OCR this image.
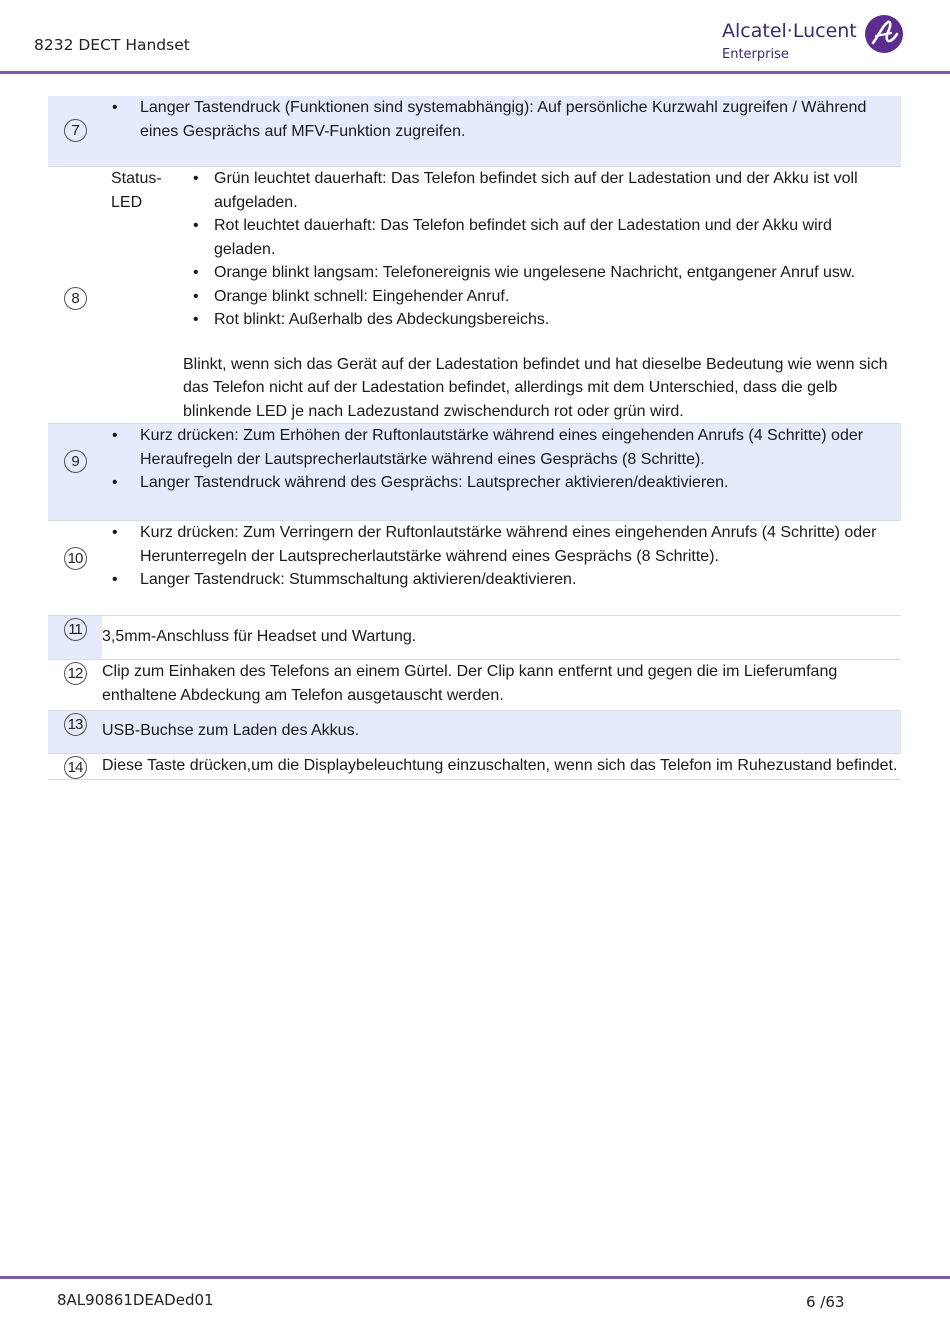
8232 DECT Handset
Alcatel·Lucent
Enterprise
7	
• Langer Tastendruck (Funktionen sind systemabhängig): Auf persönliche Kurzwahl zugreifen / Während eines Gesprächs auf MFV-Funktion zugreifen.

8	
Status-LED

• Grün leuchtet dauerhaft: Das Telefon befindet sich auf der Ladestation und der Akku ist voll aufgeladen.
• Rot leuchtet dauerhaft: Das Telefon befindet sich auf der Ladestation und der Akku wird geladen.
• Orange blinkt langsam: Telefonereignis wie ungelesene Nachricht, entgangener Anruf usw.
• Orange blinkt schnell: Eingehender Anruf.
• Rot blinkt: Außerhalb des Abdeckungsbereichs.

Blinkt, wenn sich das Gerät auf der Ladestation befindet und hat dieselbe Bedeutung wie wenn sich das Telefon nicht auf der Ladestation befindet, allerdings mit dem Unterschied, dass die gelb blinkende LED je nach Ladezustand zwischendurch rot oder grün wird.

9	
• Kurz drücken: Zum Erhöhen der Ruftonlautstärke während eines eingehenden Anrufs (4 Schritte) oder Heraufregeln der Lautsprecherlautstärke während eines Gesprächs (8 Schritte).
• Langer Tastendruck während des Gesprächs: Lautsprecher aktivieren/deaktivieren.

10	
• Kurz drücken: Zum Verringern der Ruftonlautstärke während eines eingehenden Anrufs (4 Schritte) oder Herunterregeln der Lautsprecherlautstärke während eines Gesprächs (8 Schritte).
• Langer Tastendruck: Stummschaltung aktivieren/deaktivieren.

11	3,5mm-Anschluss für Headset und Wartung.
12	Clip zum Einhaken des Telefons an einem Gürtel. Der Clip kann entfernt und gegen die im Lieferumfang enthaltene Abdeckung am Telefon ausgetauscht werden.
13	USB-Buchse zum Laden des Akkus.
14	Diese Taste drücken,um die Displaybeleuchtung einzuschalten, wenn sich das Telefon im Ruhezustand befindet.
8AL90861DEADed01	6 /63
